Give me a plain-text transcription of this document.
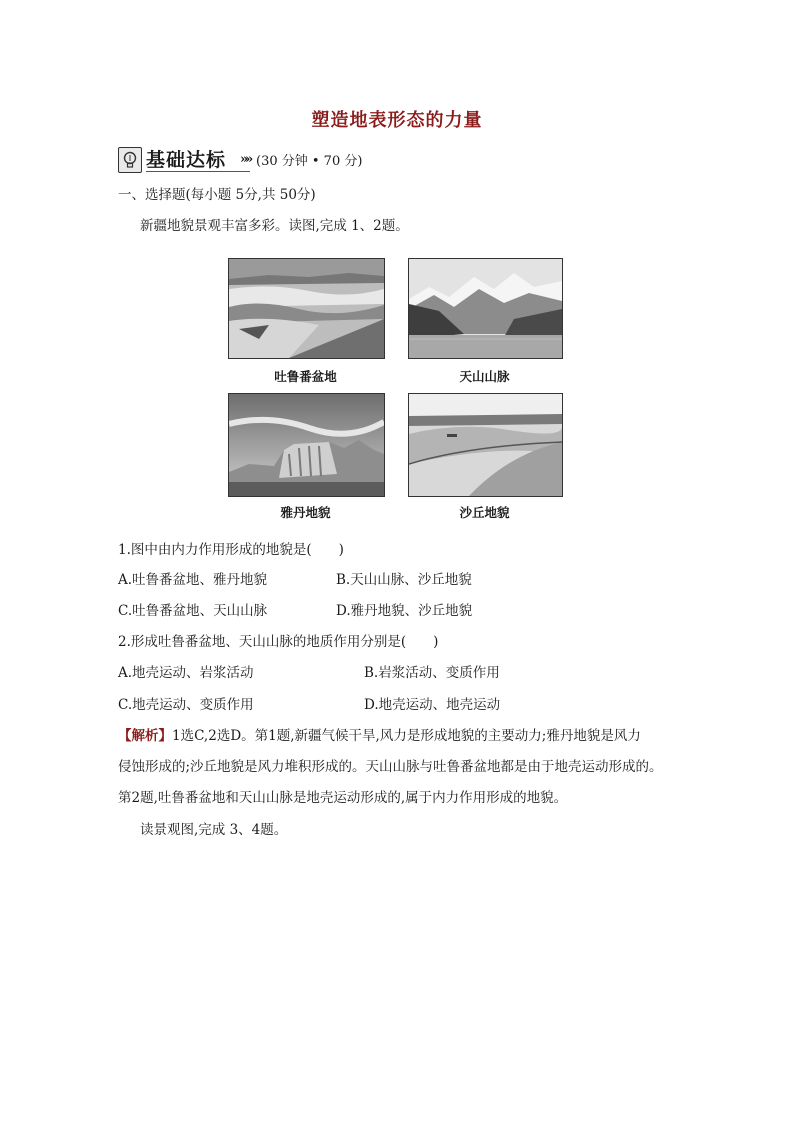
塑造地表形态的力量
基础达标 »» (30 分钟 • 70 分)
一、选择题(每小题 5分,共 50分)
新疆地貌景观丰富多彩。读图,完成 1、2题。
吐鲁番盆地	天山山脉
雅丹地貌	沙丘地貌
1.图中由内力作用形成的地貌是(　　)
A.吐鲁番盆地、雅丹地貌	B.天山山脉、沙丘地貌
C.吐鲁番盆地、天山山脉	D.雅丹地貌、沙丘地貌
2.形成吐鲁番盆地、天山山脉的地质作用分别是(　　)
A.地壳运动、岩浆活动	B.岩浆活动、变质作用
C.地壳运动、变质作用	D.地壳运动、地壳运动
【解析】1选C,2选D。第1题,新疆气候干旱,风力是形成地貌的主要动力;雅丹地貌是风力
侵蚀形成的;沙丘地貌是风力堆积形成的。天山山脉与吐鲁番盆地都是由于地壳运动形成的。
第2题,吐鲁番盆地和天山山脉是地壳运动形成的,属于内力作用形成的地貌。
读景观图,完成 3、4题。
